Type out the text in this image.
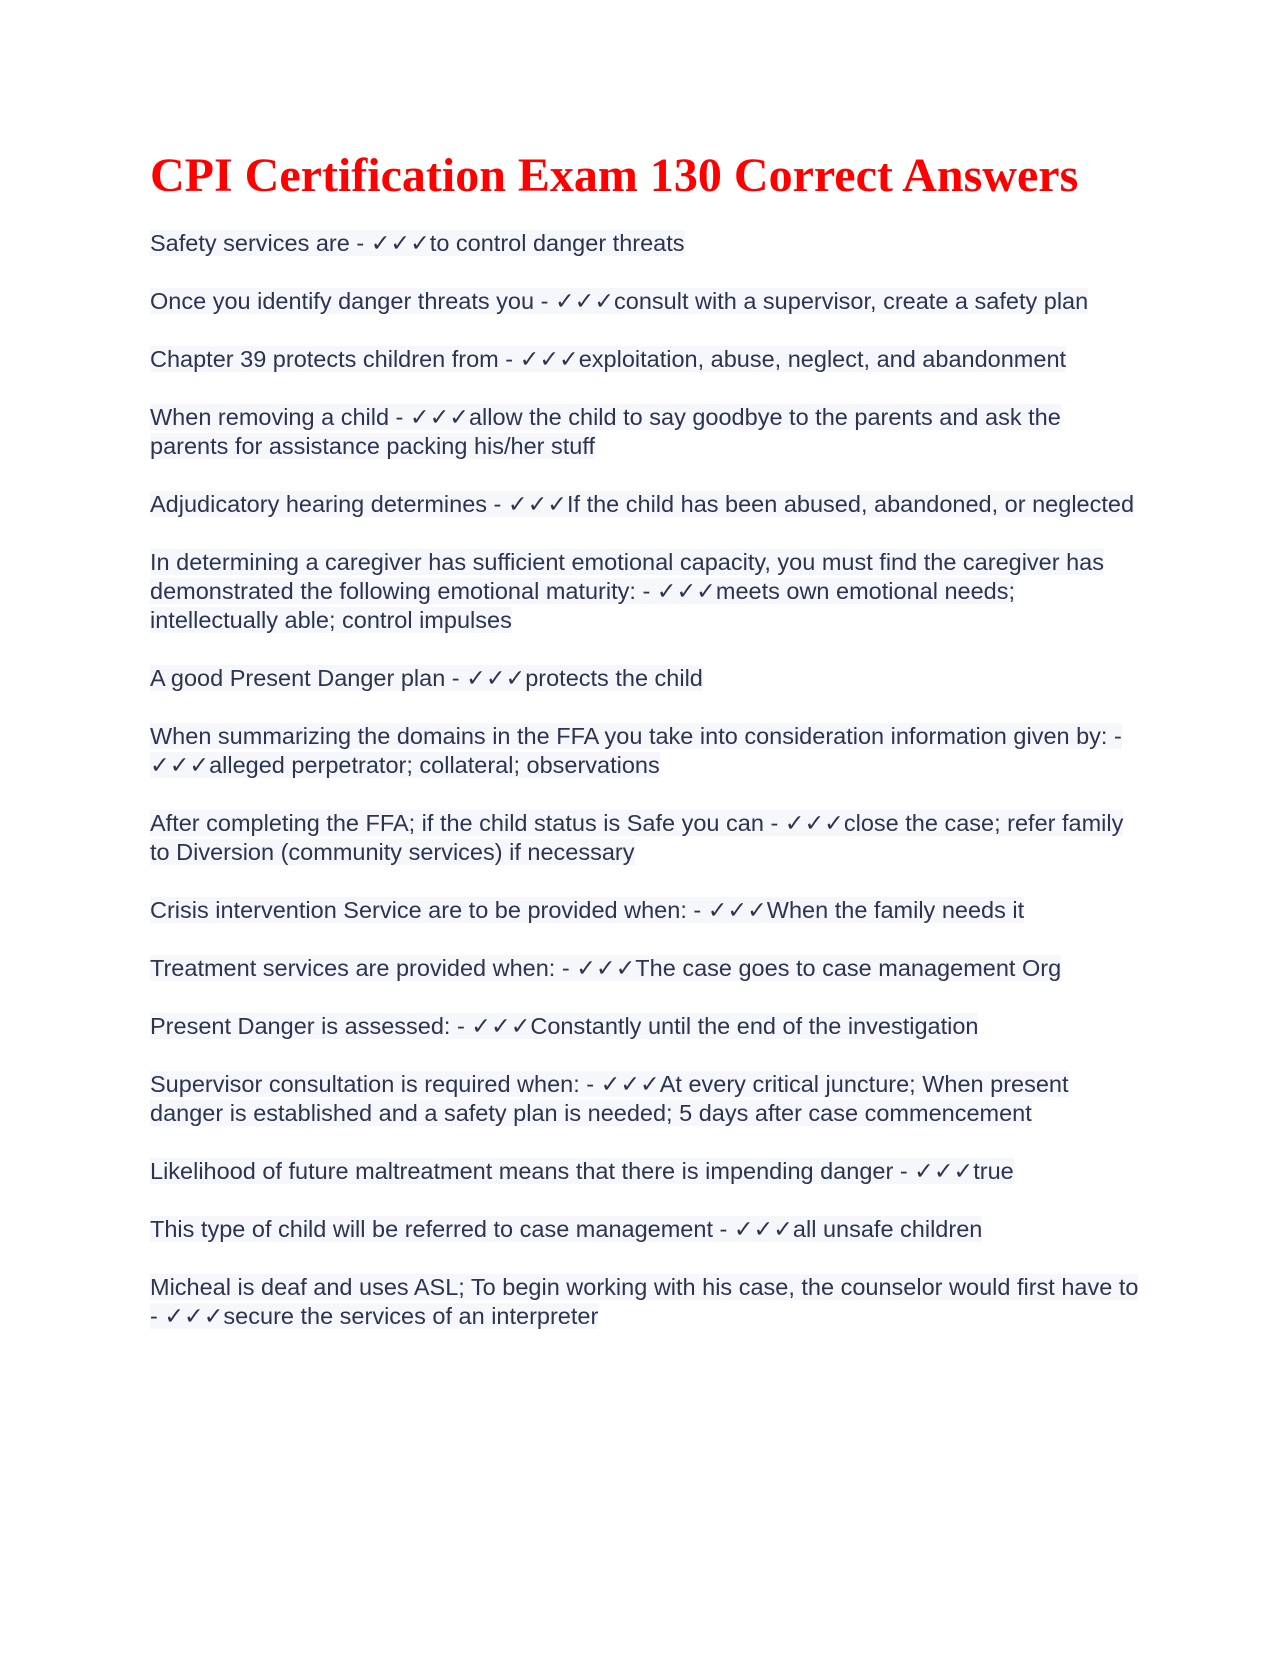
CPI Certification Exam 130 Correct Answers
Safety services are - ✓✓✓to control danger threats
Once you identify danger threats you - ✓✓✓consult with a supervisor, create a safety plan
Chapter 39 protects children from - ✓✓✓exploitation, abuse, neglect, and abandonment
When removing a child - ✓✓✓allow the child to say goodbye to the parents and ask the parents for assistance packing his/her stuff
Adjudicatory hearing determines - ✓✓✓If the child has been abused, abandoned, or neglected
In determining a caregiver has sufficient emotional capacity, you must find the caregiver has demonstrated the following emotional maturity: - ✓✓✓meets own emotional needs; intellectually able; control impulses
A good Present Danger plan - ✓✓✓protects the child
When summarizing the domains in the FFA you take into consideration information given by: - ✓✓✓alleged perpetrator; collateral; observations
After completing the FFA; if the child status is Safe you can - ✓✓✓close the case; refer family to Diversion (community services) if necessary
Crisis intervention Service are to be provided when: - ✓✓✓When the family needs it
Treatment services are provided when: - ✓✓✓The case goes to case management Org
Present Danger is assessed: - ✓✓✓Constantly until the end of the investigation
Supervisor consultation is required when: - ✓✓✓At every critical juncture; When present danger is established and a safety plan is needed; 5 days after case commencement
Likelihood of future maltreatment means that there is impending danger - ✓✓✓true
This type of child will be referred to case management - ✓✓✓all unsafe children
Micheal is deaf and uses ASL; To begin working with his case, the counselor would first have to - ✓✓✓secure the services of an interpreter
